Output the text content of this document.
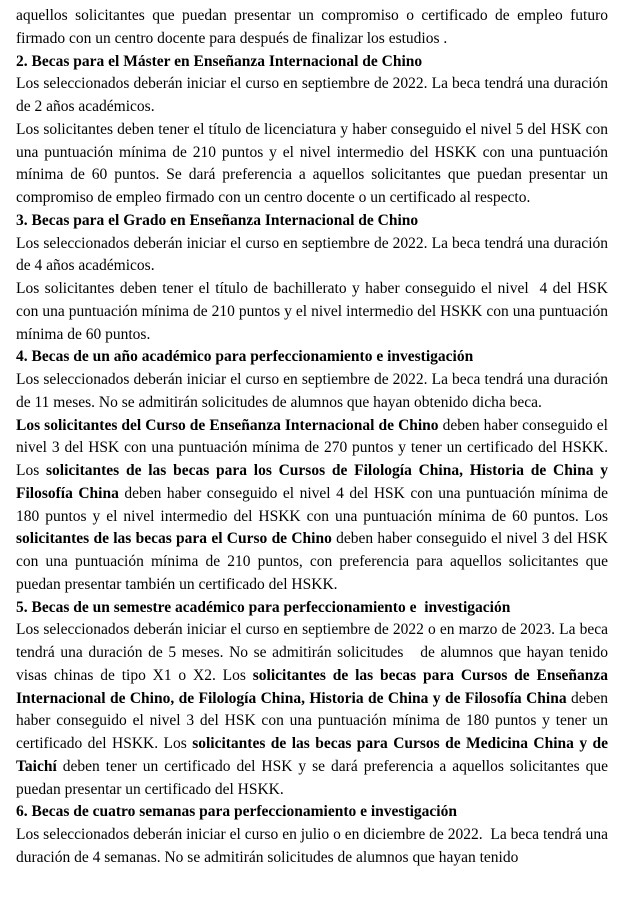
aquellos solicitantes que puedan presentar un compromiso o certificado de empleo futuro firmado con un centro docente para después de finalizar los estudios .

2. Becas para el Máster en Enseñanza Internacional de Chino

Los seleccionados deberán iniciar el curso en septiembre de 2022. La beca tendrá una duración de 2 años académicos.

Los solicitantes deben tener el título de licenciatura y haber conseguido el nivel 5 del HSK con una puntuación mínima de 210 puntos y el nivel intermedio del HSKK con una puntuación mínima de 60 puntos. Se dará preferencia a aquellos solicitantes que puedan presentar un compromiso de empleo firmado con un centro docente o un certificado al respecto.

3. Becas para el Grado en Enseñanza Internacional de Chino

Los seleccionados deberán iniciar el curso en septiembre de 2022. La beca tendrá una duración de 4 años académicos.

Los solicitantes deben tener el título de bachillerato y haber conseguido el nivel  4 del HSK con una puntuación mínima de 210 puntos y el nivel intermedio del HSKK con una puntuación mínima de 60 puntos.

4. Becas de un año académico para perfeccionamiento e investigación

Los seleccionados deberán iniciar el curso en septiembre de 2022. La beca tendrá una duración de 11 meses. No se admitirán solicitudes de alumnos que hayan obtenido dicha beca.

Los solicitantes del Curso de Enseñanza Internacional de Chino deben haber conseguido el nivel 3 del HSK con una puntuación mínima de 270 puntos y tener un certificado del HSKK. Los solicitantes de las becas para los Cursos de Filología China, Historia de China y Filosofía China deben haber conseguido el nivel 4 del HSK con una puntuación mínima de 180 puntos y el nivel intermedio del HSKK con una puntuación mínima de 60 puntos. Los solicitantes de las becas para el Curso de Chino deben haber conseguido el nivel 3 del HSK con una puntuación mínima de 210 puntos, con preferencia para aquellos solicitantes que puedan presentar también un certificado del HSKK.

5. Becas de un semestre académico para perfeccionamiento e  investigación

Los seleccionados deberán iniciar el curso en septiembre de 2022 o en marzo de 2023. La beca tendrá una duración de 5 meses. No se admitirán solicitudes   de alumnos que hayan tenido visas chinas de tipo X1 o X2. Los solicitantes de las becas para Cursos de Enseñanza Internacional de Chino, de Filología China, Historia de China y de Filosofía China deben haber conseguido el nivel 3 del HSK con una puntuación mínima de 180 puntos y tener un certificado del HSKK. Los solicitantes de las becas para Cursos de Medicina China y de Taichí deben tener un certificado del HSK y se dará preferencia a aquellos solicitantes que puedan presentar un certificado del HSKK.

6. Becas de cuatro semanas para perfeccionamiento e investigación

Los seleccionados deberán iniciar el curso en julio o en diciembre de 2022.  La beca tendrá una duración de 4 semanas. No se admitirán solicitudes de alumnos que hayan tenido
